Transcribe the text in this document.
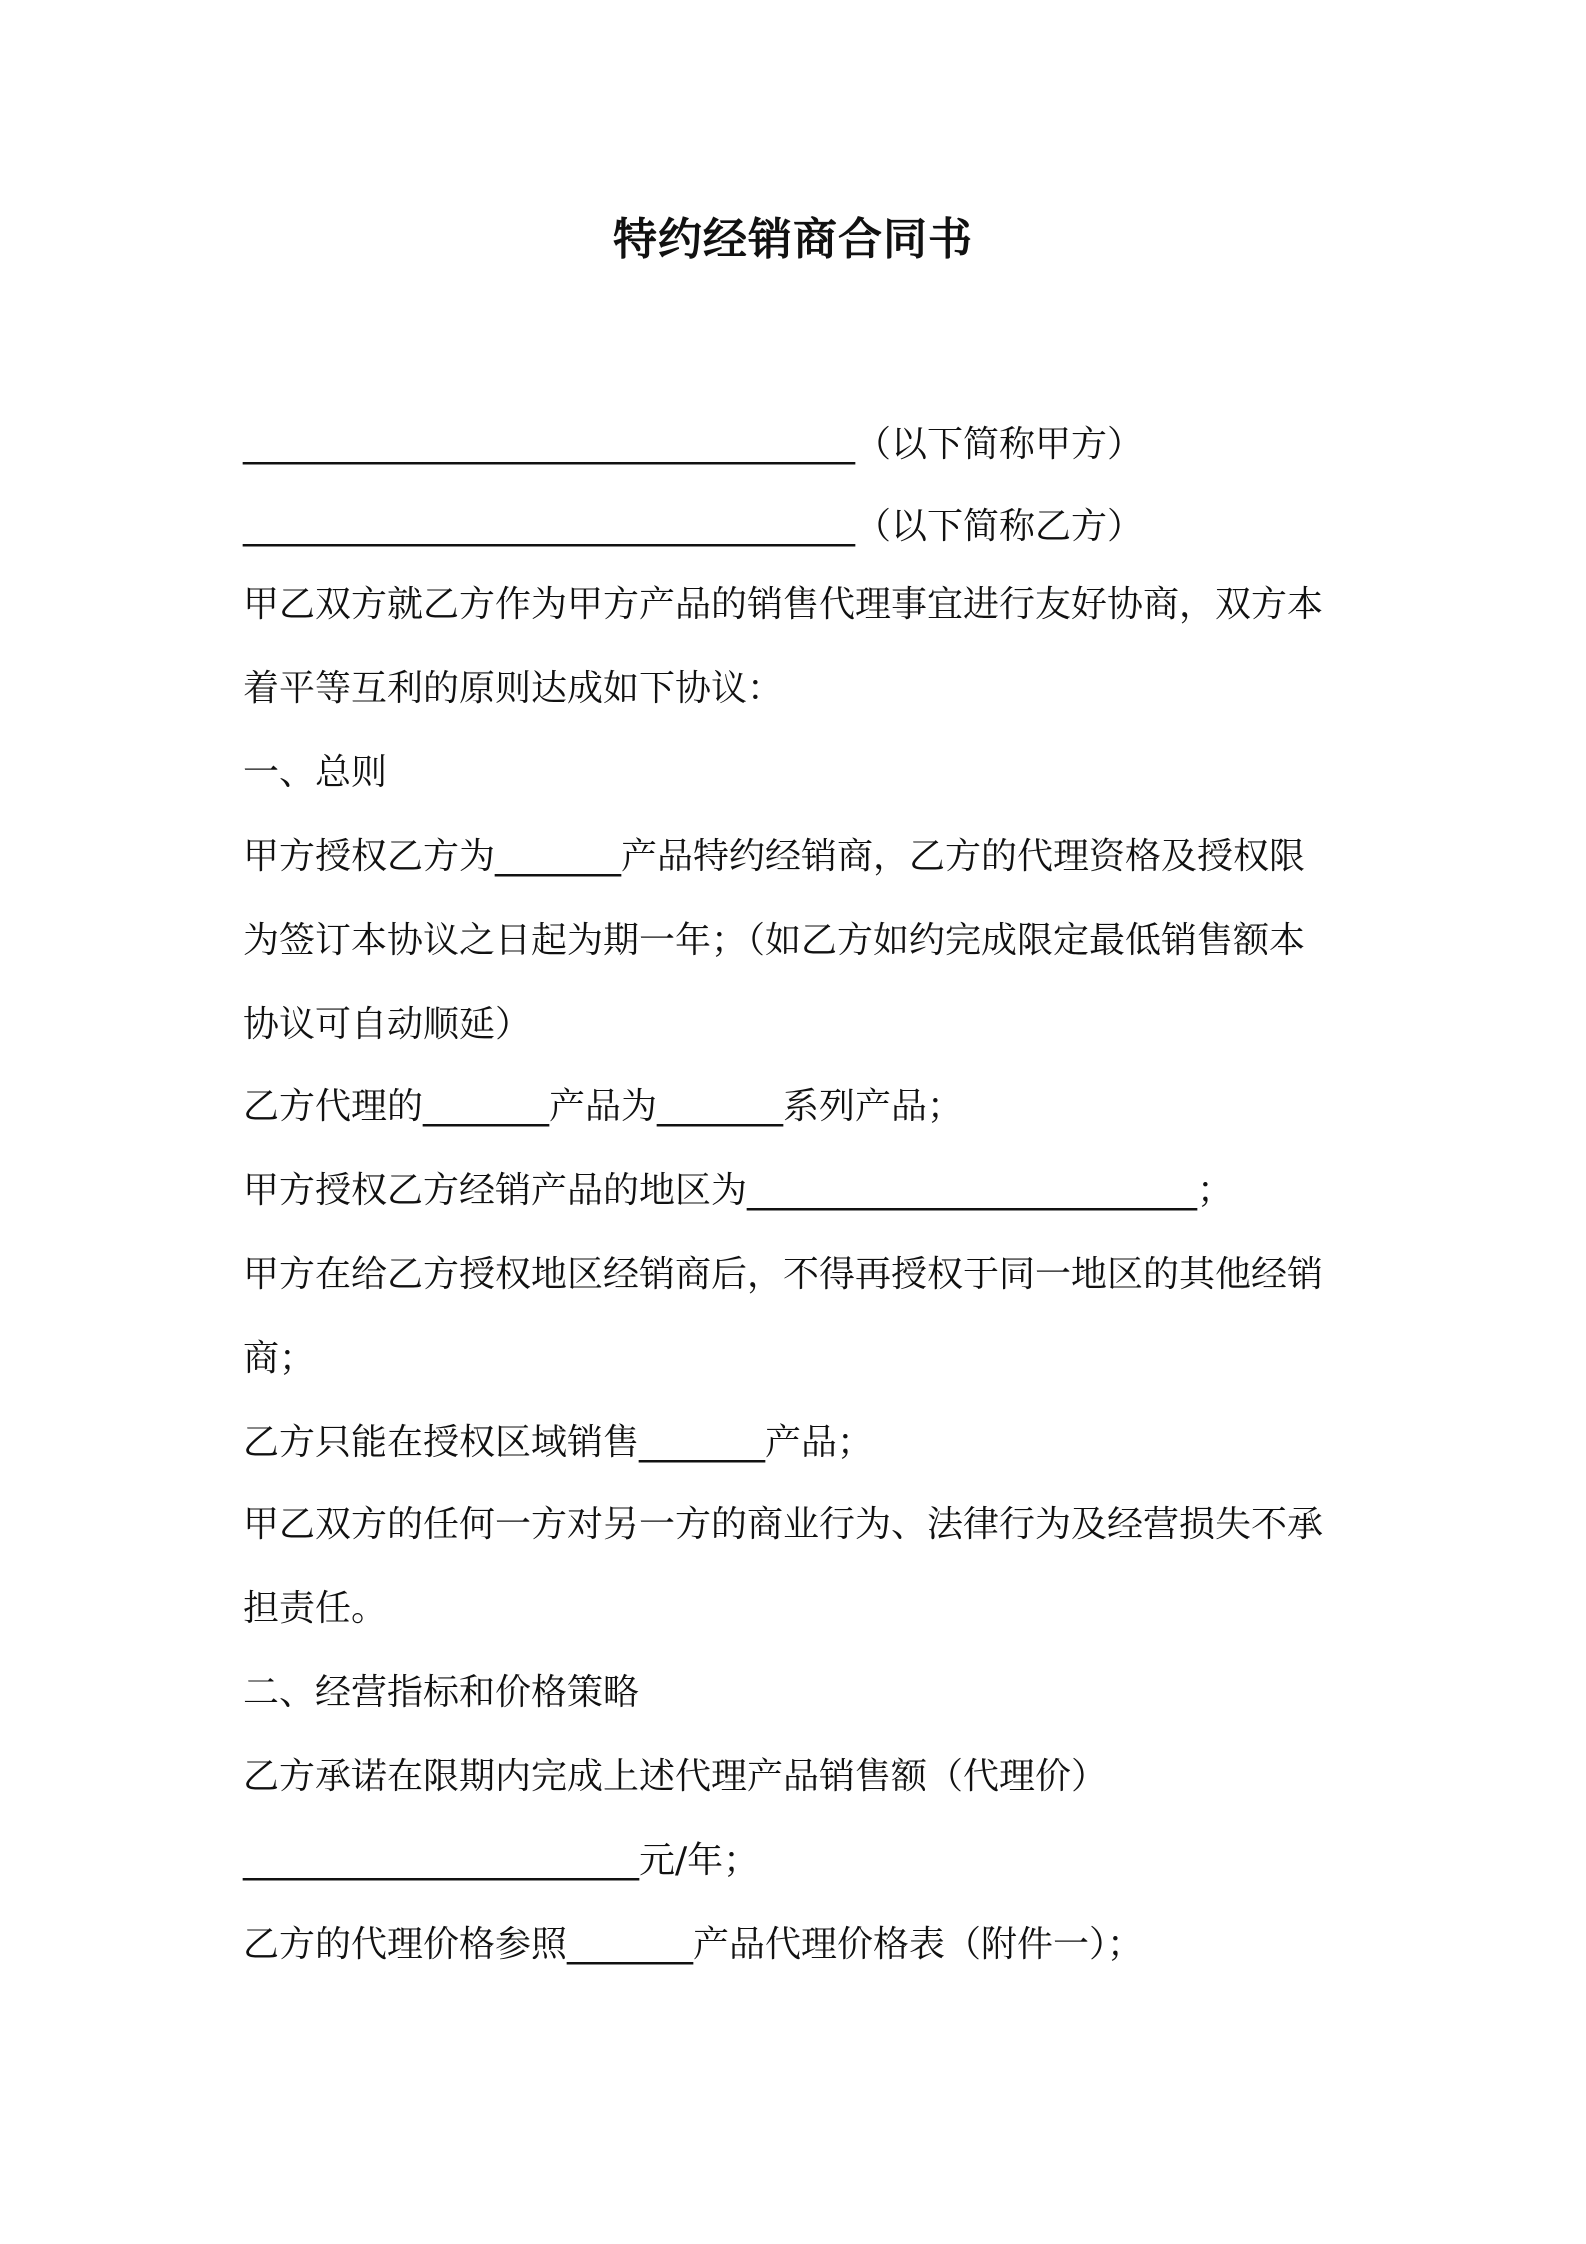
特约经销商合同书
__________________________________（以下简称甲方）
__________________________________（以下简称乙方）
甲乙双方就乙方作为甲方产品的销售代理事宜进行友好协商，双方本
着平等互利的原则达成如下协议：
一、总则
甲方授权乙方为_______产品特约经销商，乙方的代理资格及授权限
为签订本协议之日起为期一年；（如乙方如约完成限定最低销售额本
协议可自动顺延）
乙方代理的_______产品为_______系列产品；
甲方授权乙方经销产品的地区为_________________________；
甲方在给乙方授权地区经销商后，不得再授权于同一地区的其他经销
商；
乙方只能在授权区域销售_______产品；
甲乙双方的任何一方对另一方的商业行为、法律行为及经营损失不承
担责任。
二、经营指标和价格策略
乙方承诺在限期内完成上述代理产品销售额（代理价）
______________________元/年；
乙方的代理价格参照_______产品代理价格表（附件一）；
